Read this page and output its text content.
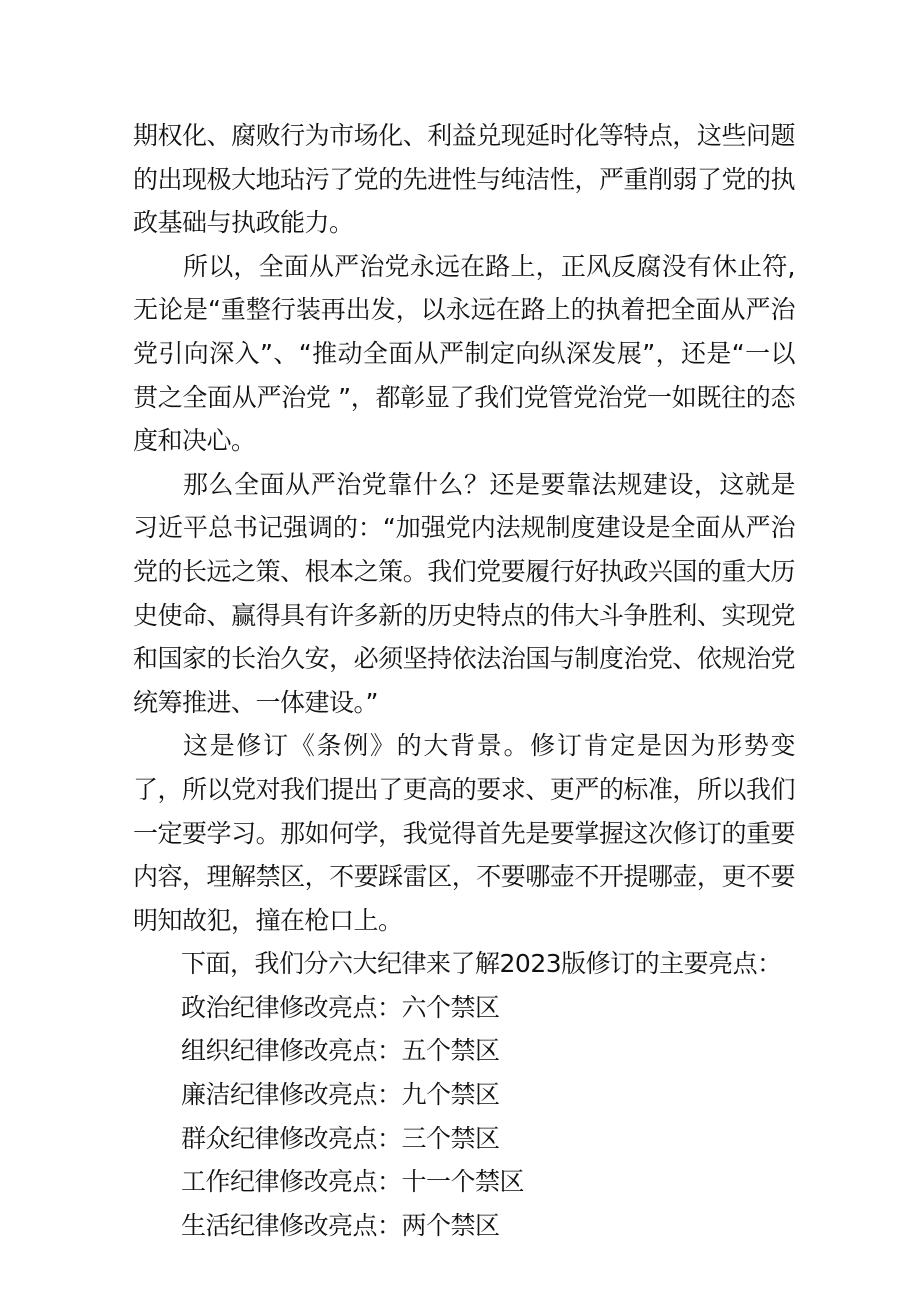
期权化、腐败行为市场化、利益兑现延时化等特点，这些问题的出现极大地玷污了党的先进性与纯洁性，严重削弱了党的执政基础与执政能力。

所以，全面从严治党永远在路上，正风反腐没有休止符,无论是“重整行装再出发，以永远在路上的执着把全面从严治党引向深入”、“推动全面从严制定向纵深发展”，还是“一以贯之全面从严治党 ”，都彰显了我们党管党治党一如既往的态度和决心。

那么全面从严治党靠什么？还是要靠法规建设，这就是习近平总书记强调的：“加强党内法规制度建设是全面从严治党的长远之策、根本之策。我们党要履行好执政兴国的重大历史使命、赢得具有许多新的历史特点的伟大斗争胜利、实现党和国家的长治久安，必须坚持依法治国与制度治党、依规治党统筹推进、一体建设。”

这是修订《条例》的大背景。修订肯定是因为形势变了，所以党对我们提出了更高的要求、更严的标准，所以我们一定要学习。那如何学，我觉得首先是要掌握这次修订的重要内容，理解禁区，不要踩雷区，不要哪壶不开提哪壶，更不要明知故犯，撞在枪口上。

下面，我们分六大纪律来了解2023版修订的主要亮点：

政治纪律修改亮点：六个禁区

组织纪律修改亮点：五个禁区

廉洁纪律修改亮点：九个禁区

群众纪律修改亮点：三个禁区

工作纪律修改亮点：十一个禁区

生活纪律修改亮点：两个禁区
